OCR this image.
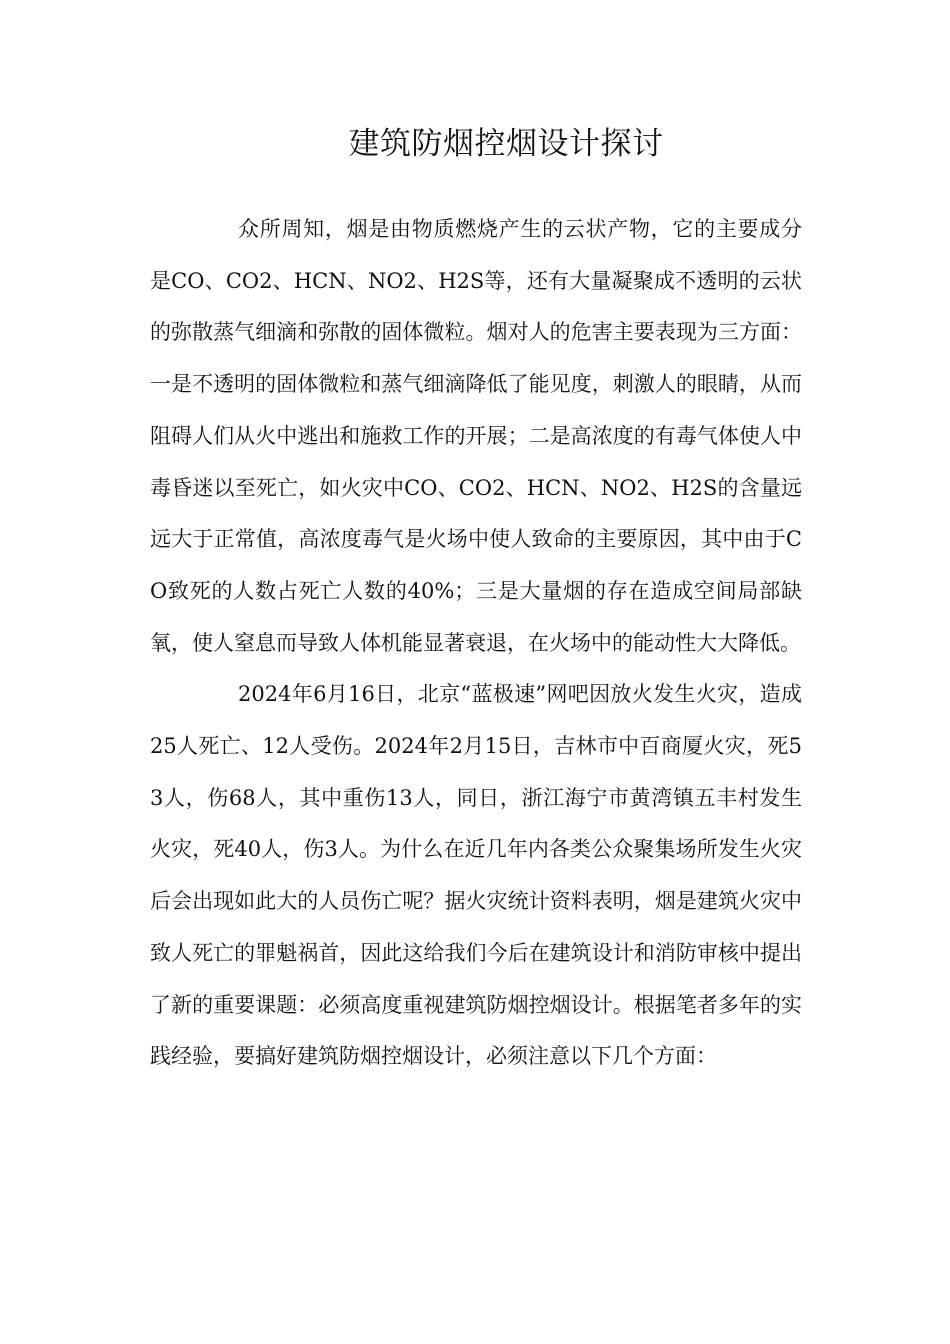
建筑防烟控烟设计探讨

众所周知，烟是由物质燃烧产生的云状产物，它的主要成分是CO、CO2、HCN、NO2、H2S等，还有大量凝聚成不透明的云状的弥散蒸气细滴和弥散的固体微粒。烟对人的危害主要表现为三方面：一是不透明的固体微粒和蒸气细滴降低了能见度，刺激人的眼睛，从而阻碍人们从火中逃出和施救工作的开展；二是高浓度的有毒气体使人中毒昏迷以至死亡，如火灾中CO、CO2、HCN、NO2、H2S的含量远远大于正常值，高浓度毒气是火场中使人致命的主要原因，其中由于CO致死的人数占死亡人数的40%；三是大量烟的存在造成空间局部缺氧，使人窒息而导致人体机能显著衰退，在火场中的能动性大大降低。

2024年6月16日，北京“蓝极速”网吧因放火发生火灾，造成25人死亡、12人受伤。2024年2月15日，吉林市中百商厦火灾，死53人，伤68人，其中重伤13人，同日，浙江海宁市黄湾镇五丰村发生火灾，死40人，伤3人。为什么在近几年内各类公众聚集场所发生火灾后会出现如此大的人员伤亡呢？据火灾统计资料表明，烟是建筑火灾中致人死亡的罪魁祸首，因此这给我们今后在建筑设计和消防审核中提出了新的重要课题：必须高度重视建筑防烟控烟设计。根据笔者多年的实践经验，要搞好建筑防烟控烟设计，必须注意以下几个方面：
